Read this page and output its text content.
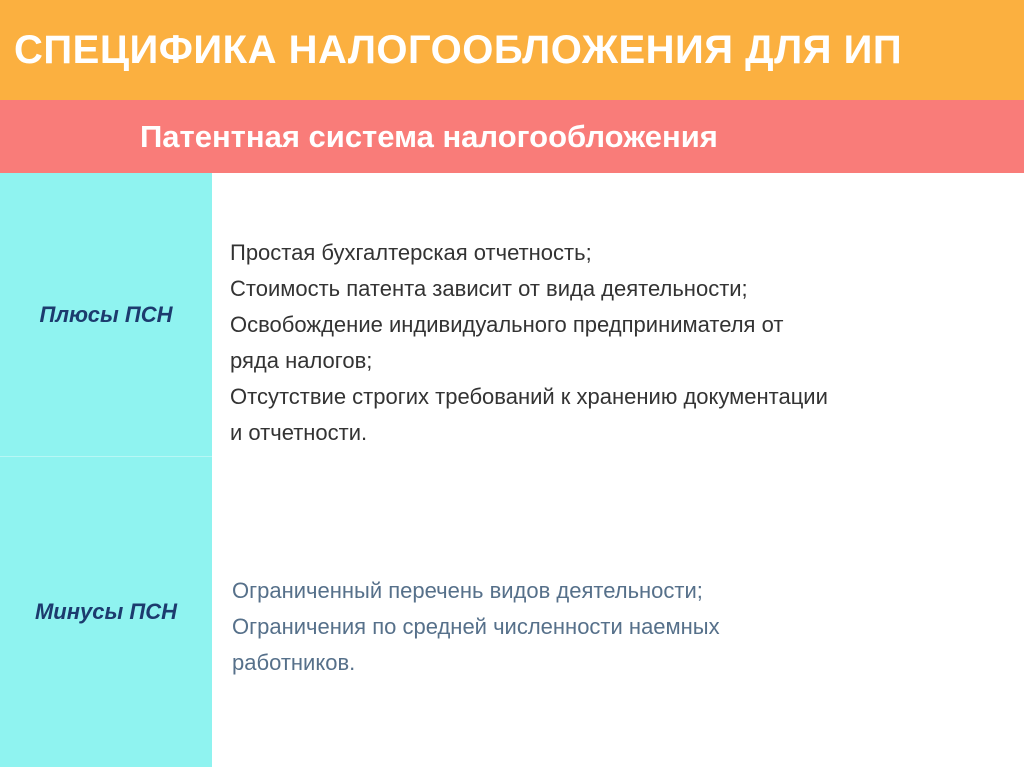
СПЕЦИФИКА НАЛОГООБЛОЖЕНИЯ ДЛЯ ИП
Патентная система налогообложения
Плюсы ПСН
Минусы ПСН
Простая бухгалтерская отчетность;
Стоимость патента зависит от вида деятельности;
Освобождение индивидуального предпринимателя от
ряда налогов;
Отсутствие строгих требований к хранению документации
и отчетности.
Ограниченный перечень видов деятельности;
Ограничения по средней численности наемных
работников.
